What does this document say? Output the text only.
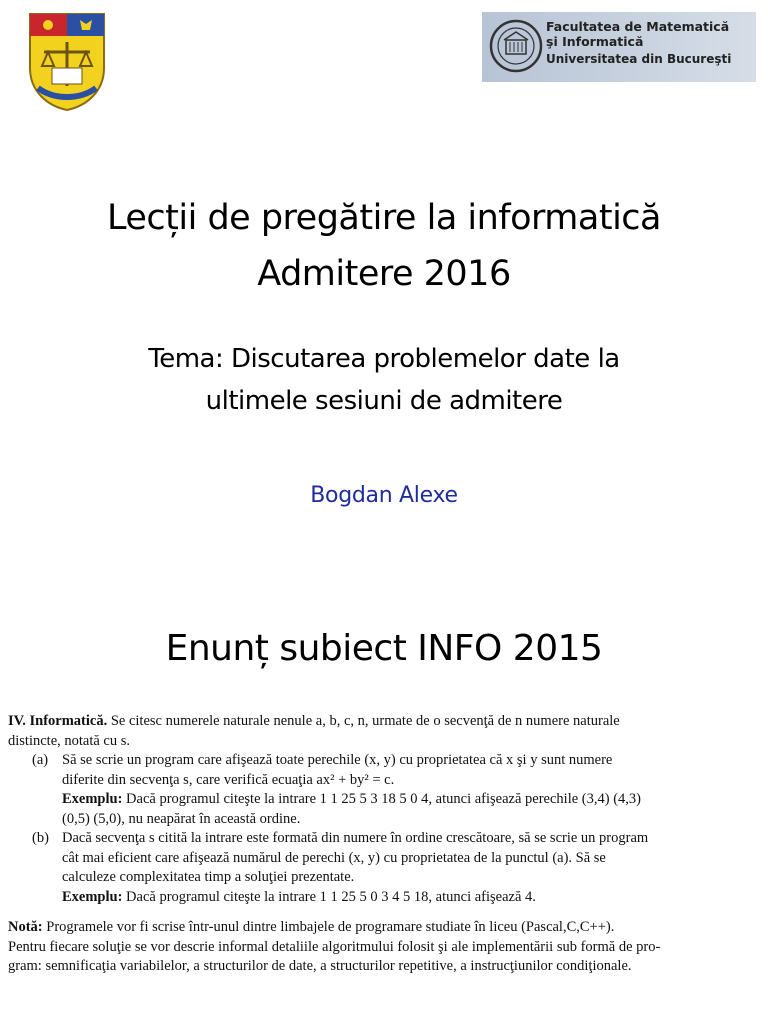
Facultatea de Matematică
şi Informatică
Universitatea din Bucureşti
Lecții de pregătire la informatică
Admitere 2016
Tema: Discutarea problemelor date la
ultimele sesiuni de admitere
Bogdan Alexe
Enunț subiect INFO 2015
IV. Informatică. Se citesc numerele naturale nenule a, b, c, n, urmate de o secvenţă de n numere naturale
distincte, notată cu s.
(a) Să se scrie un program care afişează toate perechile (x, y) cu proprietatea că x şi y sunt numere
diferite din secvenţa s, care verifică ecuaţia ax² + by² = c.
Exemplu: Dacă programul citeşte la intrare 1 1 25 5 3 18 5 0 4, atunci afişează perechile (3,4) (4,3)
(0,5) (5,0), nu neapărat în această ordine.
(b) Dacă secvenţa s citită la intrare este formată din numere în ordine crescătoare, să se scrie un program
cât mai eficient care afişează numărul de perechi (x, y) cu proprietatea de la punctul (a). Să se
calculeze complexitatea timp a soluţiei prezentate.
Exemplu: Dacă programul citeşte la intrare 1 1 25 5 0 3 4 5 18, atunci afişează 4.
Notă: Programele vor fi scrise într-unul dintre limbajele de programare studiate în liceu (Pascal,C,C++).
Pentru fiecare soluţie se vor descrie informal detaliile algoritmului folosit şi ale implementării sub formă de pro-
gram: semnificaţia variabilelor, a structurilor de date, a structurilor repetitive, a instrucţiunilor condiţionale.
